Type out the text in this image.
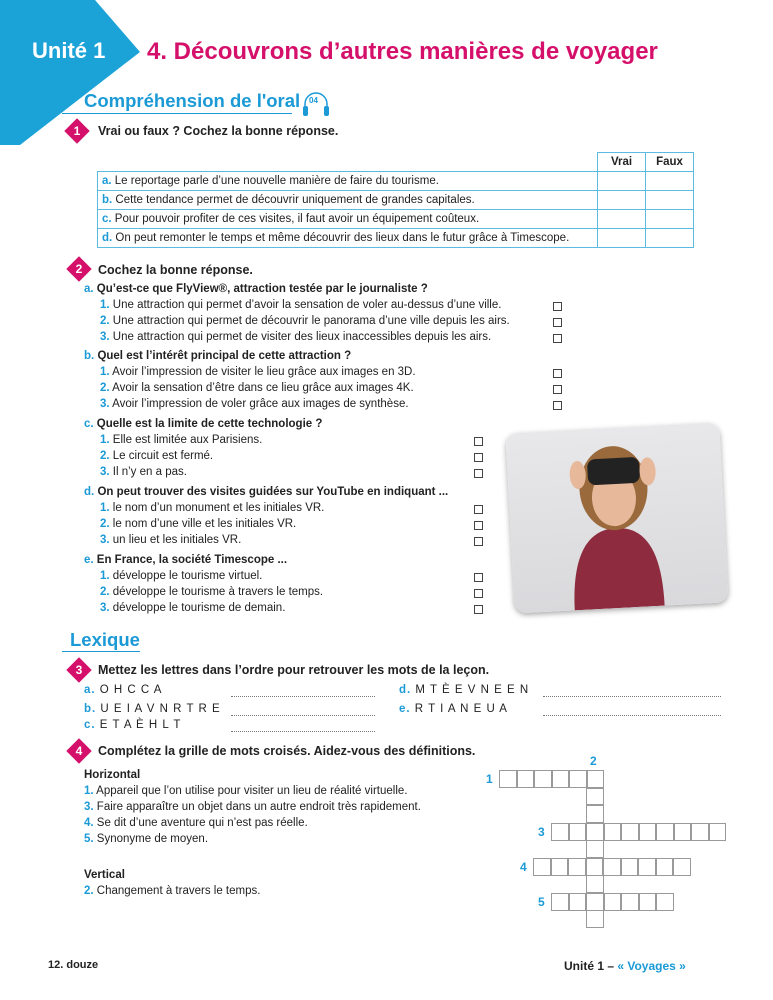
Unité 1 4. Découvrons d’autres manières de voyager
Compréhension de l'oral 04
1	Vrai ou faux ? Cochez la bonne réponse.
	Vrai	Faux
a. Le reportage parle d’une nouvelle manière de faire du tourisme.		
b. Cette tendance permet de découvrir uniquement de grandes capitales.		
c. Pour pouvoir profiter de ces visites, il faut avoir un équipement coûteux.		
d. On peut remonter le temps et même découvrir des lieux dans le futur grâce à Timescope.		
2	Cochez la bonne réponse.
a. Qu’est-ce que FlyView®, attraction testée par le journaliste ?
1. Une attraction qui permet d’avoir la sensation de voler au-dessus d’une ville.
2. Une attraction qui permet de découvrir le panorama d’une ville depuis les airs.
3. Une attraction qui permet de visiter des lieux inaccessibles depuis les airs.
b. Quel est l’intérêt principal de cette attraction ?
1. Avoir l’impression de visiter le lieu grâce aux images en 3D.
2. Avoir la sensation d’être dans ce lieu grâce aux images 4K.
3. Avoir l’impression de voler grâce aux images de synthèse.
c. Quelle est la limite de cette technologie ?
1. Elle est limitée aux Parisiens.
2. Le circuit est fermé.
3. Il n’y en a pas.
d. On peut trouver des visites guidées sur YouTube en indiquant ...
1. le nom d’un monument et les initiales VR.
2. le nom d’une ville et les initiales VR.
3. un lieu et les initiales VR.
e. En France, la société Timescope ...
1. développe le tourisme virtuel.
2. développe le tourisme à travers le temps.
3. développe le tourisme de demain.
Lexique
3	Mettez les lettres dans l’ordre pour retrouver les mots de la leçon.
a. O H C C A
b. U E I A V N R T R E
c. E T A È H L T
d. M T È E V N E E N
e. R T I A N E U A
4	Complétez la grille de mots croisés. Aidez-vous des définitions.
Horizontal
1. Appareil que l’on utilise pour visiter un lieu de réalité virtuelle.
3. Faire apparaître un objet dans un autre endroit très rapidement.
4. Se dit d’une aventure qui n’est pas réelle.
5. Synonyme de moyen.
Vertical
2. Changement à travers le temps.
1
2
3
4
5
12. douze	Unité 1 – « Voyages »
